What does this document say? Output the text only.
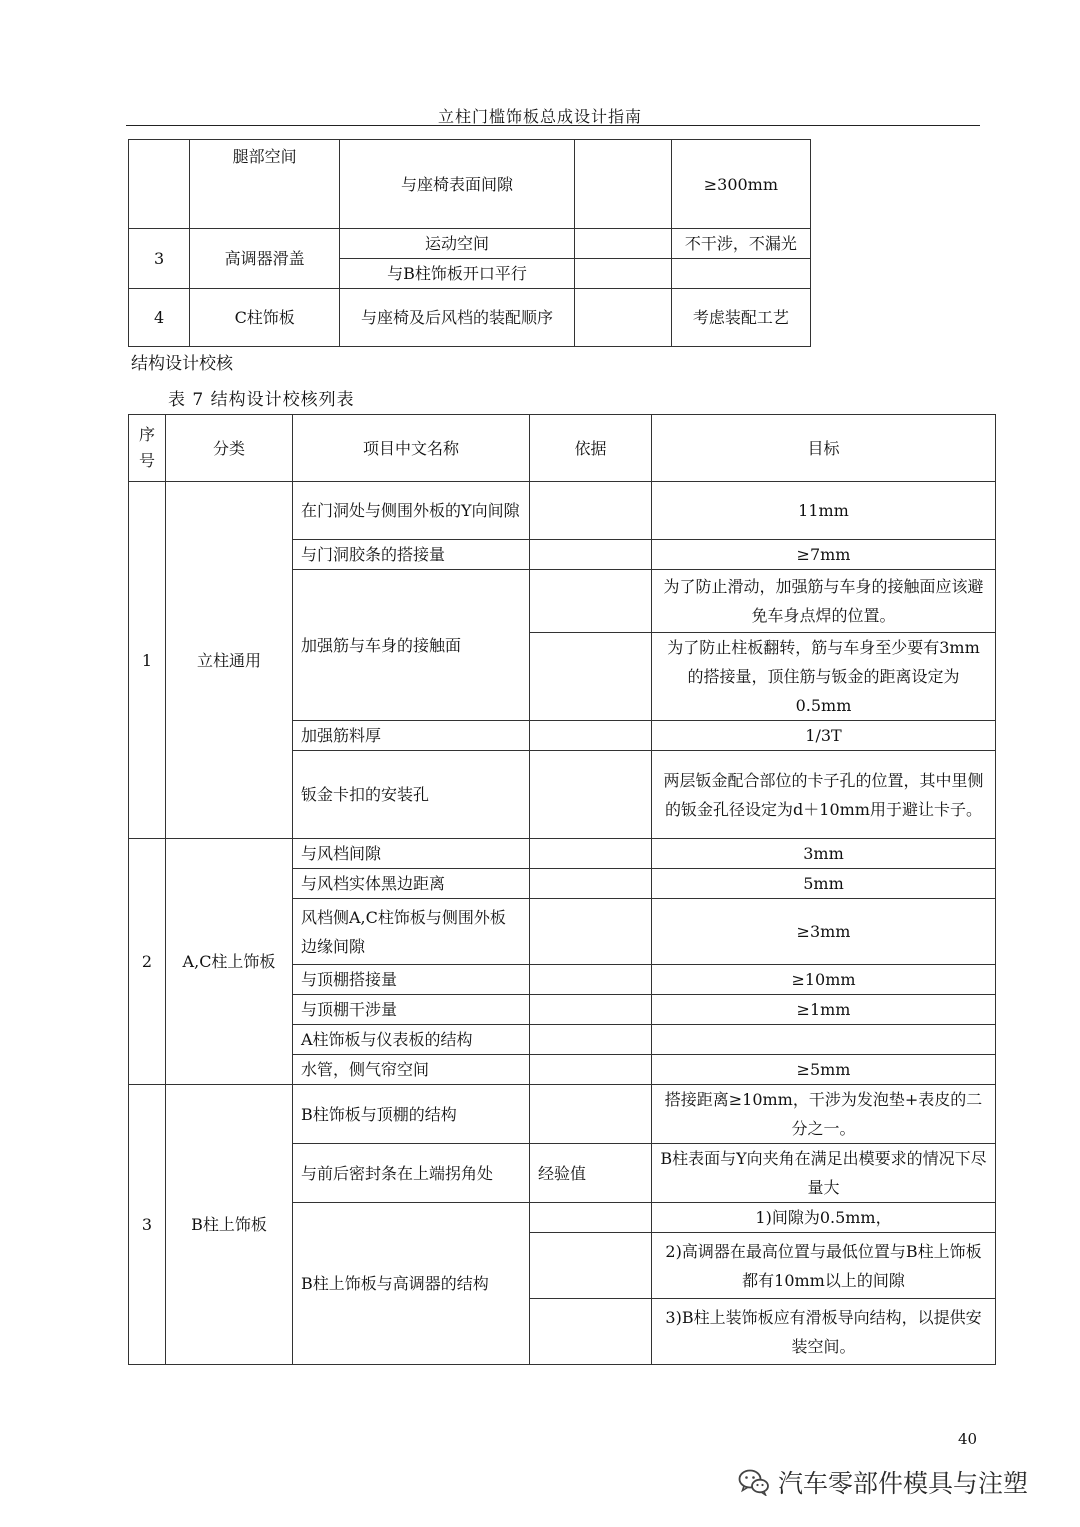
立柱门槛饰板总成设计指南
	腿部空间	与座椅表面间隙		≥300mm
3	高调器滑盖	运动空间		不干涉，不漏光
		与B柱饰板开口平行		
4	C柱饰板	与座椅及后风档的装配顺序		考虑装配工艺
结构设计校核
表 7 结构设计校核列表
序号	分类	项目中文名称	依据	目标
1	立柱通用	在门洞处与侧围外板的Y向间隙		11mm
		与门洞胶条的搭接量		≥7mm
		加强筋与车身的接触面		为了防止滑动，加强筋与车身的接触面应该避免车身点焊的位置。
				为了防止柱板翻转，筋与车身至少要有3mm的搭接量，顶住筋与钣金的距离设定为0.5mm
		加强筋料厚		1/3T
		钣金卡扣的安装孔		两层钣金配合部位的卡子孔的位置，其中里侧的钣金孔径设定为d＋10mm用于避让卡子。
2	A,C柱上饰板	与风档间隙		3mm
		与风档实体黑边距离		5mm
		风档侧A,C柱饰板与侧围外板边缘间隙		≥3mm
		与顶棚搭接量		≥10mm
		与顶棚干涉量		≥1mm
		A柱饰板与仪表板的结构		
		水管，侧气帘空间		≥5mm
3	B柱上饰板	B柱饰板与顶棚的结构		搭接距离≥10mm，干涉为发泡垫+表皮的二分之一。
		与前后密封条在上端拐角处	经验值	B柱表面与Y向夹角在满足出模要求的情况下尽量大
		B柱上饰板与高调器的结构		1)间隙为0.5mm，
				2)高调器在最高位置与最低位置与B柱上饰板都有10mm以上的间隙
				3)B柱上装饰板应有滑板导向结构，以提供安装空间。
40
汽车零部件模具与注塑
